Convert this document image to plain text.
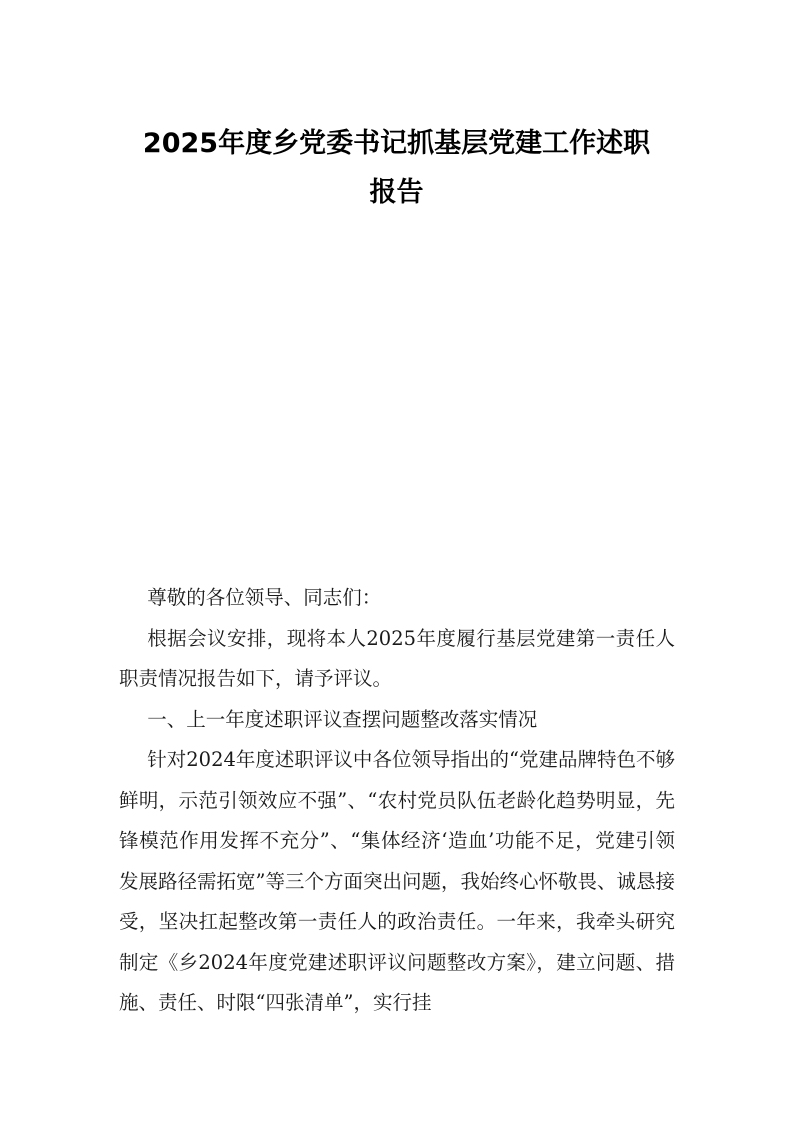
2025年度乡党委书记抓基层党建工作述职
报告

尊敬的各位领导、同志们：

根据会议安排，现将本人2025年度履行基层党建第一责任人职责情况报告如下，请予评议。

一、上一年度述职评议查摆问题整改落实情况

针对2024年度述职评议中各位领导指出的“党建品牌特色不够鲜明，示范引领效应不强”、“农村党员队伍老龄化趋势明显，先锋模范作用发挥不充分”、“集体经济‘造血’功能不足，党建引领发展路径需拓宽”等三个方面突出问题，我始终心怀敬畏、诚恳接受，坚决扛起整改第一责任人的政治责任。一年来，我牵头研究制定《乡2024年度党建述职评议问题整改方案》，建立问题、措施、责任、时限“四张清单”，实行挂
